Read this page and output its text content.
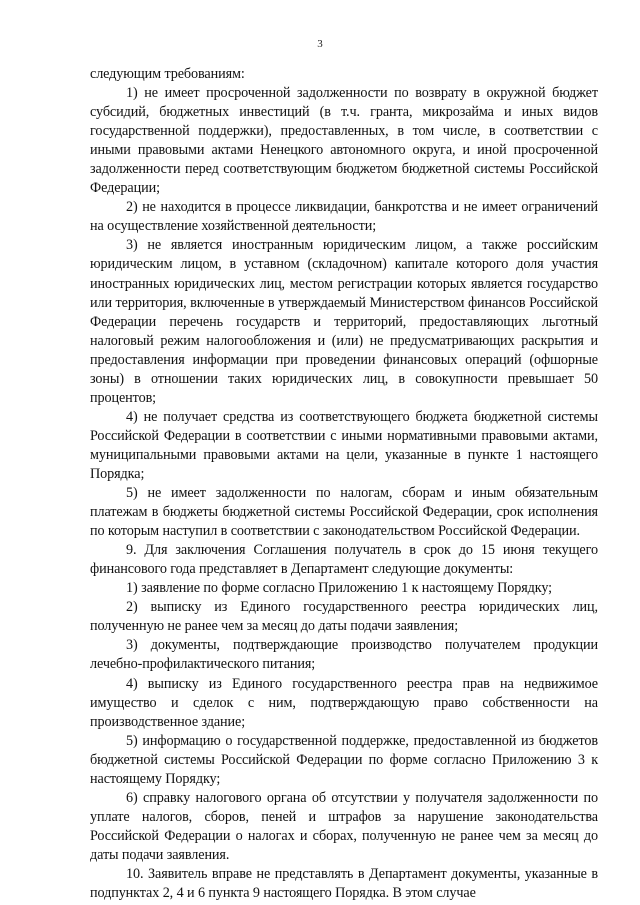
3

следующим требованиям:

1) не имеет просроченной задолженности по возврату в окружной бюджет субсидий, бюджетных инвестиций (в т.ч. гранта, микрозайма и иных видов государственной поддержки), предоставленных, в том числе, в соответствии с иными правовыми актами Ненецкого автономного округа, и иной просроченной задолженности перед соответствующим бюджетом бюджетной системы Российской Федерации;

2) не находится в процессе ликвидации, банкротства и не имеет ограничений на осуществление хозяйственной деятельности;

3) не является иностранным юридическим лицом, а также российским юридическим лицом, в уставном (складочном) капитале которого доля участия иностранных юридических лиц, местом регистрации которых является государство или территория, включенные в утверждаемый Министерством финансов Российской Федерации перечень государств и территорий, предоставляющих льготный налоговый режим налогообложения и (или) не предусматривающих раскрытия и предоставления информации при проведении финансовых операций (офшорные зоны) в отношении таких юридических лиц, в совокупности превышает 50 процентов;

4) не получает средства из соответствующего бюджета бюджетной системы Российской Федерации в соответствии с иными нормативными правовыми актами, муниципальными правовыми актами на цели, указанные в пункте 1 настоящего Порядка;

5) не имеет задолженности по налогам, сборам и иным обязательным платежам в бюджеты бюджетной системы Российской Федерации, срок исполнения по которым наступил в соответствии с законодательством Российской Федерации.

9. Для заключения Соглашения получатель в срок до 15 июня текущего финансового года представляет в Департамент следующие документы:

1) заявление по форме согласно Приложению 1 к настоящему Порядку;

2) выписку из Единого государственного реестра юридических лиц, полученную не ранее чем за месяц до даты подачи заявления;

3) документы, подтверждающие производство получателем продукции лечебно-профилактического питания;

4) выписку из Единого государственного реестра прав на недвижимое имущество и сделок с ним, подтверждающую право собственности на производственное здание;

5) информацию о государственной поддержке, предоставленной из бюджетов бюджетной системы Российской Федерации по форме согласно Приложению 3 к настоящему Порядку;

6) справку налогового органа об отсутствии у получателя задолженности по уплате налогов, сборов, пеней и штрафов за нарушение законодательства Российской Федерации о налогах и сборах, полученную не ранее чем за месяц до даты подачи заявления.

10. Заявитель вправе не представлять в Департамент документы, указанные в подпунктах 2, 4 и 6 пункта 9 настоящего Порядка. В этом случае
